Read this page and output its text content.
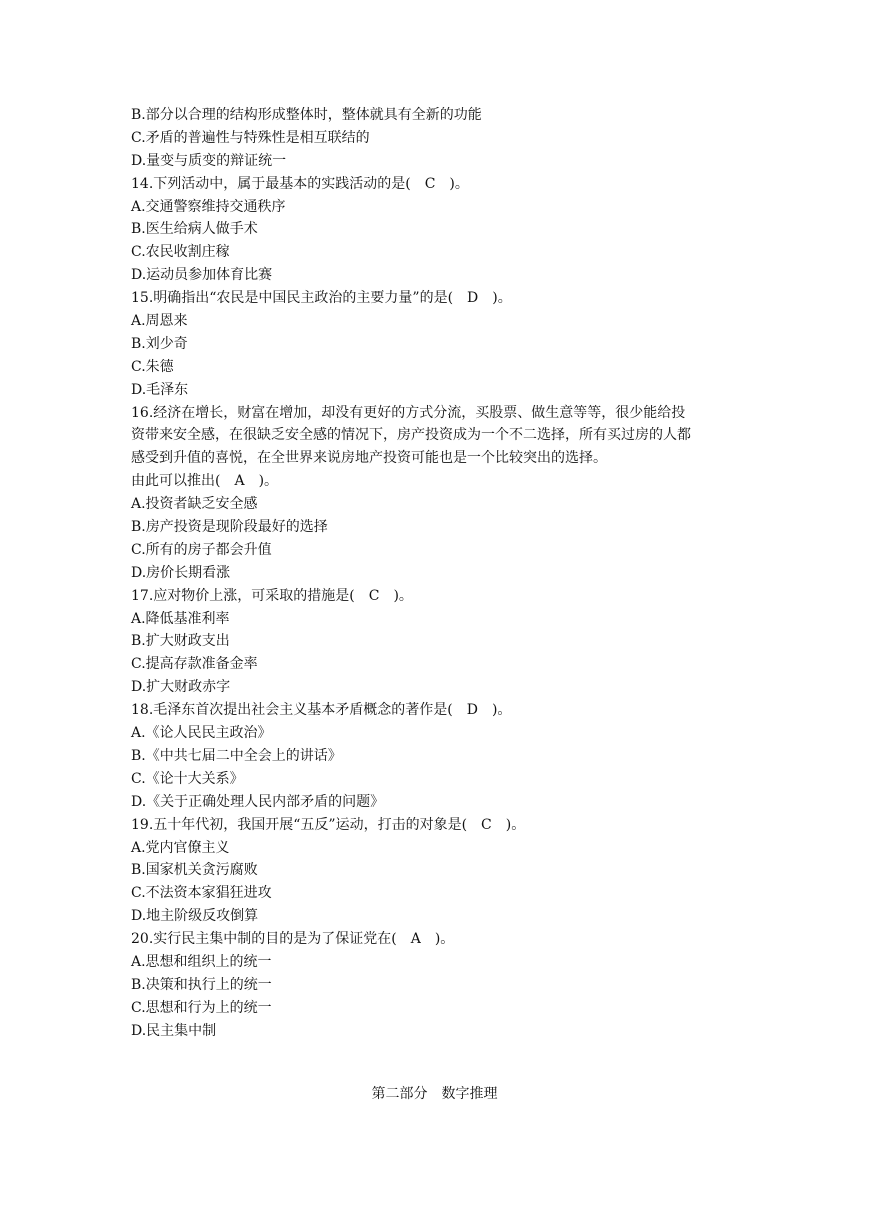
B.部分以合理的结构形成整体时，整体就具有全新的功能
C.矛盾的普遍性与特殊性是相互联结的
D.量变与质变的辩证统一
14.下列活动中，属于最基本的实践活动的是(　C　)。
A.交通警察维持交通秩序
B.医生给病人做手术
C.农民收割庄稼
D.运动员参加体育比赛
15.明确指出“农民是中国民主政治的主要力量”的是(　D　)。
A.周恩来
B.刘少奇
C.朱德
D.毛泽东
16.经济在增长，财富在增加，却没有更好的方式分流，买股票、做生意等等，很少能给投
资带来安全感，在很缺乏安全感的情况下，房产投资成为一个不二选择，所有买过房的人都
感受到升值的喜悦，在全世界来说房地产投资可能也是一个比较突出的选择。
由此可以推出(　A　)。
A.投资者缺乏安全感
B.房产投资是现阶段最好的选择
C.所有的房子都会升值
D.房价长期看涨
17.应对物价上涨，可采取的措施是(　C　)。
A.降低基准利率
B.扩大财政支出
C.提高存款准备金率
D.扩大财政赤字
18.毛泽东首次提出社会主义基本矛盾概念的著作是(　D　)。
A.《论人民民主政治》
B.《中共七届二中全会上的讲话》
C.《论十大关系》
D.《关于正确处理人民内部矛盾的问题》
19.五十年代初，我国开展“五反”运动，打击的对象是(　C　)。
A.党内官僚主义
B.国家机关贪污腐败
C.不法资本家猖狂进攻
D.地主阶级反攻倒算
20.实行民主集中制的目的是为了保证党在(　A　)。
A.思想和组织上的统一
B.决策和执行上的统一
C.思想和行为上的统一
D.民主集中制
第二部分　数字推理
